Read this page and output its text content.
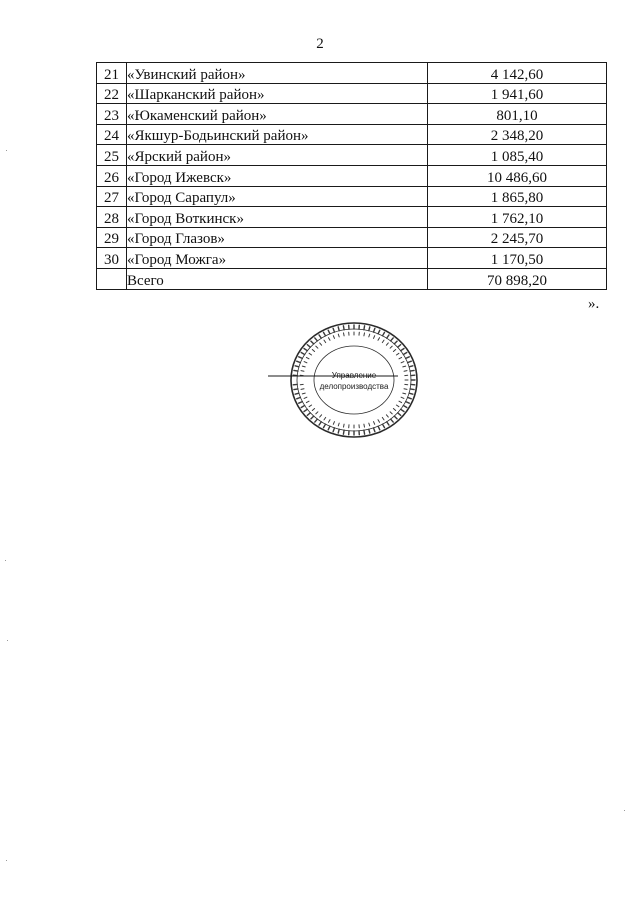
2
21	«Увинский район»	4 142,60
22	«Шарканский район»	1 941,60
23	«Юкаменский район»	801,10
24	«Якшур-Бодьинский район»	2 348,20
25	«Ярский район»	1 085,40
26	«Город Ижевск»	10 486,60
27	«Город Сарапул»	1 865,80
28	«Город Воткинск»	1 762,10
29	«Город Глазов»	2 245,70
30	«Город Можга»	1 170,50
	Всего	70 898,20
».
Управление
делопроизводства
